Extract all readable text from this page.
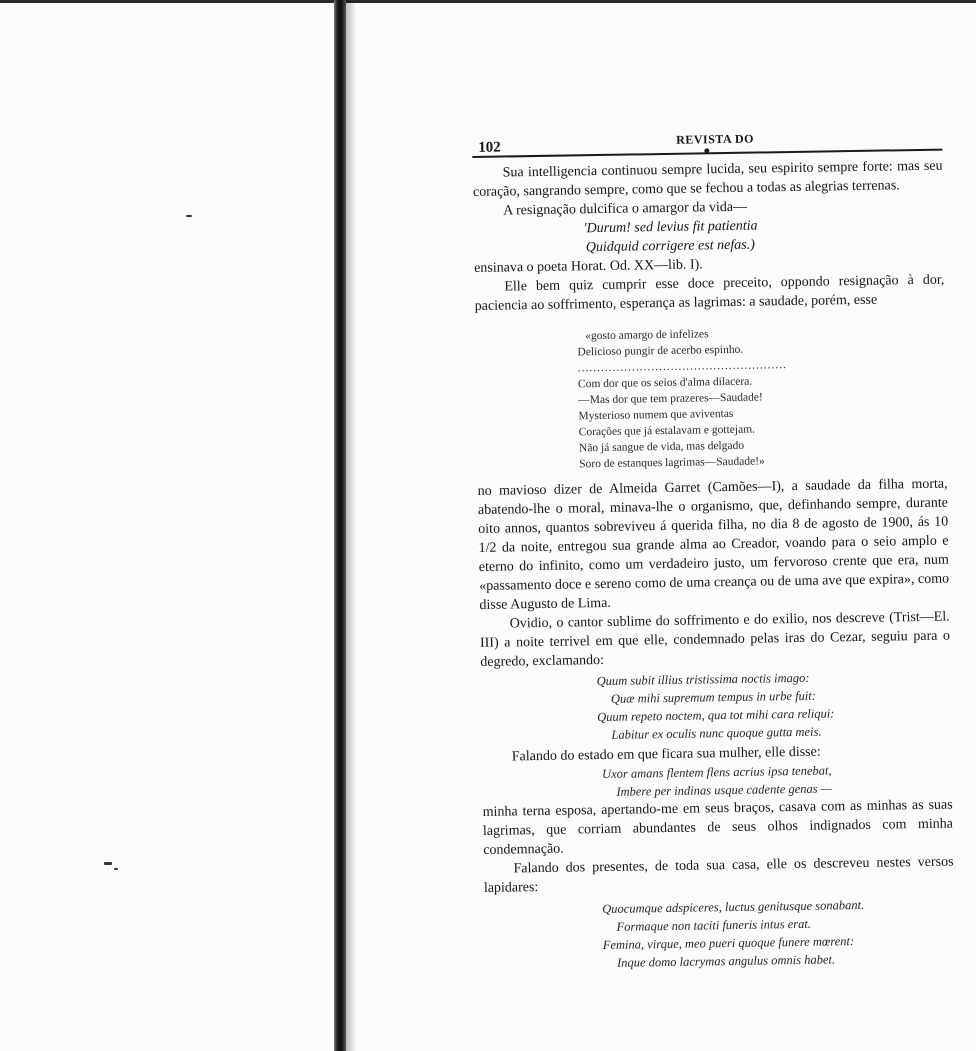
102
REVISTA DO

Sua intelligencia continuou sempre lucida, seu espirito sempre forte: mas seu coração, sangrando sempre, como que se fechou a todas as alegrias terrenas.

A resignação dulcifica o amargor da vida—

'Durum! sed levius fit patientia

Quidquid corrigere est nefas.)

ensinava o poeta Horat. Od. XX—lib. I).

Elle bem quiz cumprir esse doce preceito, oppondo resignação à dor, paciencia ao soffrimento, esperança as lagrimas: a saudade, porém, esse

«gosto amargo de infelizes

Delicioso pungir de acerbo espinho.

......................................................

Com dor que os seios d'alma dilacera.

—Mas dor que tem prazeres—Saudade!

Mysterioso numem que aviventas

Corações que já estalavam e gottejam.

Não já sangue de vida, mas delgado

Soro de estanques lagrimas—Saudade!»

no mavioso dizer de Almeida Garret (Camões—I), a saudade da filha morta, abatendo-lhe o moral, minava-lhe o organismo, que, definhando sempre, durante oito annos, quantos sobreviveu á querida filha, no dia 8 de agosto de 1900, ás 10 1/2 da noite, entregou sua grande alma ao Creador, voando para o seio amplo e eterno do infinito, como um verdadeiro justo, um fervoroso crente que era, num «passamento doce e sereno como de uma creança ou de uma ave que expira», como disse Augusto de Lima.

Ovidio, o cantor sublime do soffrimento e do exilio, nos descreve (Trist—El. III) a noite terrivel em que elle, condemnado pelas iras do Cezar, seguiu para o degredo, exclamando:

Quum subit illius tristissima noctis imago:

Quæ mihi supremum tempus in urbe fuit:

Quum repeto noctem, qua tot mihi cara reliqui:

Labitur ex oculis nunc quoque gutta meis.

Falando do estado em que ficara sua mulher, elle disse:

Uxor amans flentem flens acrius ipsa tenebat,

Imbere per indinas usque cadente genas —

minha terna esposa, apertando-me em seus braços, casava com as minhas as suas lagrimas, que corriam abundantes de seus olhos indignados com minha condemnação.

Falando dos presentes, de toda sua casa, elle os descreveu nestes versos lapidares:

Quocumque adspiceres, luctus genitusque sonabant.

Formaque non taciti funeris intus erat.

Femina, virque, meo pueri quoque funere mœrent:

Inque domo lacrymas angulus omnis habet.
